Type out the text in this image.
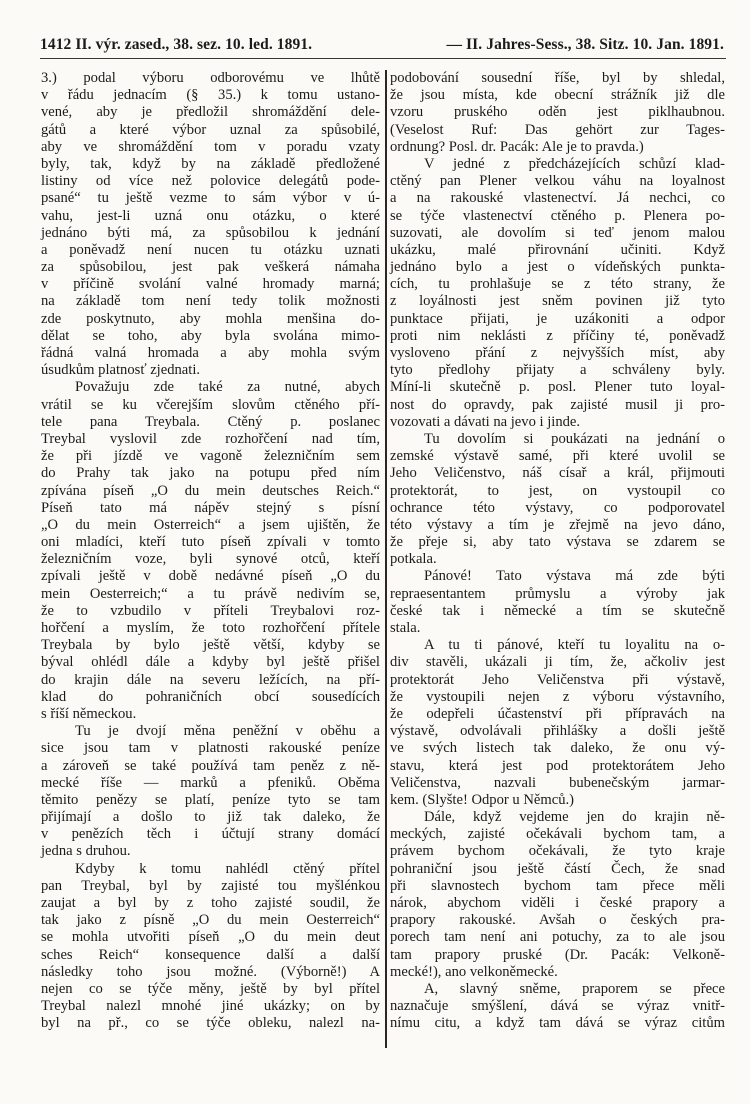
1412 II. výr. zased., 38. sez. 10. led. 1891.	— II. Jahres-Sess., 38. Sitz. 10. Jan. 1891.
3.) podal výboru odborovému ve lhůtě
v řádu jednacím (§ 35.) k tomu ustano-
vené, aby je předložil shromáždění dele-
gátů a které výbor uznal za spůsobilé,
aby ve shromáždění tom v poradu vzaty
byly, tak, když by na základě předložené
listiny od více než polovice delegátů pode-
psané“ tu ještě vezme to sám výbor v ú-
vahu, jest-li uzná onu otázku, o které
jednáno býti má, za spůsobilou k jednání
a poněvadž není nucen tu otázku uznati
za spůsobilou, jest pak veškerá námaha
v příčině svolání valné hromady marná;
na základě tom není tedy tolik možnosti
zde poskytnuto, aby mohla menšina do-
dělat se toho, aby byla svolána mimo-
řádná valná hromada a aby mohla svým
úsudkům platnosť zjednati.
Považuju zde také za nutné, abych
vrátil se ku včerejším slovům ctěného pří-
tele pana Treybala. Ctěný p. poslanec
Treybal vyslovil zde rozhořčení nad tím,
že při jízdě ve vagoně železničním sem
do Prahy tak jako na potupu před ním
zpívána píseň „O du mein deutsches Reich.“
Píseň tato má nápěv stejný s písní
„O du mein Osterreich“ a jsem ujištěn, že
oni mladíci, kteří tuto píseň zpívali v tomto
železničním voze, byli synové otců, kteří
zpívali ještě v době nedávné píseň „O du
mein Oesterreich;“ a tu právě nedivím se,
že to vzbudilo v příteli Treybalovi roz-
hořčení a myslím, že toto rozhořčení přítele
Treybala by bylo ještě větší, kdyby se
býval ohlédl dále a kdyby byl ještě přišel
do krajin dále na severu ležících, na pří-
klad do pohraničních obcí sousedících
s říší německou.
Tu je dvojí měna peněžní v oběhu a
sice jsou tam v platnosti rakouské peníze
a zároveň se také používá tam peněz z ně-
mecké říše — marků a pfeniků. Oběma
těmito penězy se platí, peníze tyto se tam
přijímají a došlo to již tak daleko, že
v penězích těch i účtují strany domácí
jedna s druhou.
Kdyby k tomu nahlédl ctěný přítel
pan Treybal, byl by zajisté tou myšlénkou
zaujat a byl by z toho zajisté soudil, že
tak jako z písně „O du mein Oesterreich“
se mohla utvořiti píseň „O du mein deut
sches Reich“ konsequence další a další
následky toho jsou možné. (Výborně!) A
nejen co se týče měny, ještě by byl přítel
Treybal nalezl mnohé jiné ukázky; on by
byl na př., co se týče obleku, nalezl na-
podobování sousední říše, byl by shledal,
že jsou místa, kde obecní strážník již dle
vzoru pruského oděn jest piklhaubnou.
(Veselost Ruf: Das gehört zur Tages-
ordnung? Posl. dr. Pacák: Ale je to pravda.)
V jedné z předcházejících schůzí klad-
ctěný pan Plener velkou váhu na loyalnost
a na rakouské vlastenectví. Já nechci, co
se týče vlastenectví ctěného p. Plenera po-
suzovati, ale dovolím si teď jenom malou
ukázku, malé přirovnání učiniti. Když
jednáno bylo a jest o vídeňských punkta-
cích, tu prohlašuje se z této strany, že
z loyálnosti jest sněm povinen již tyto
punktace přijati, je uzákoniti a odpor
proti nim neklásti z příčiny té, poněvadž
vysloveno přání z nejvyšších míst, aby
tyto předlohy přijaty a schváleny byly.
Míní-li skutečně p. posl. Plener tuto loyal-
nost do opravdy, pak zajisté musil ji pro-
vozovati a dávati na jevo i jinde.
Tu dovolím si poukázati na jednání o
zemské výstavě samé, při které uvolil se
Jeho Veličenstvo, náš císař a král, přijmouti
protektorát, to jest, on vystoupil co
ochrance této výstavy, co podporovatel
této výstavy a tím je zřejmě na jevo dáno,
že přeje si, aby tato výstava se zdarem se
potkala.
Pánové! Tato výstava má zde býti
repraesentantem průmyslu a výroby jak
české tak i německé a tím se skutečně
stala.
A tu ti pánové, kteří tu loyalitu na o-
div stavěli, ukázali ji tím, že, ačkoliv jest
protektorát Jeho Veličenstva při výstavě,
že vystoupili nejen z výboru výstavního,
že odepřeli účastenství při přípravách na
výstavě, odvolávali přihlášky a došli ještě
ve svých listech tak daleko, že onu vý-
stavu, která jest pod protektorátem Jeho
Veličenstva, nazvali bubenečským jarmar-
kem. (Slyšte! Odpor u Němců.)
Dále, když vejdeme jen do krajin ně-
meckých, zajisté očekávali bychom tam, a
právem bychom očekávali, že tyto kraje
pohraniční jsou ještě částí Čech, že snad
při slavnostech bychom tam přece měli
nárok, abychom viděli i české prapory a
prapory rakouské. Avšah o českých pra-
porech tam není ani potuchy, za to ale jsou
tam prapory pruské (Dr. Pacák: Velkoně-
mecké!), ano velkoněmecké.
A, slavný sněme, praporem se přece
naznačuje smýšlení, dává se výraz vnitř-
nímu citu, a když tam dává se výraz citům
